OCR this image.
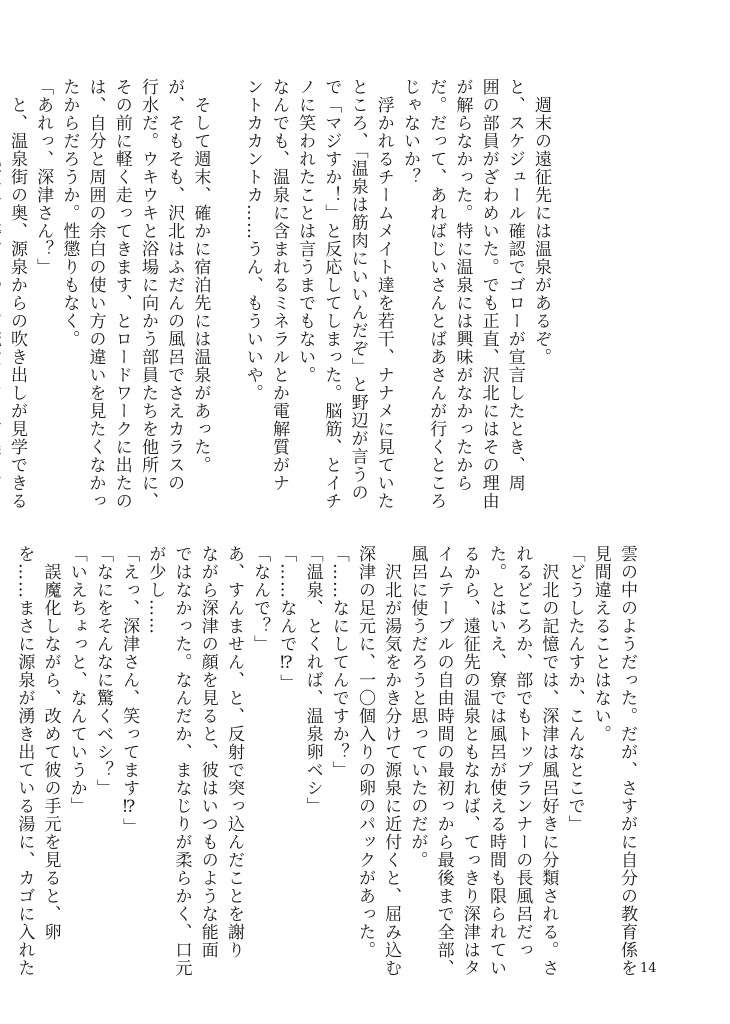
　週末の遠征先には温泉があるぞ。
と、スケジュール確認でゴローが宣言したとき、周
囲の部員がざわめいた。でも正直、沢北にはその理由
が解らなかった。特に温泉には興味がなかったから
だ。だって、あればじいさんとばあさんが行くところ
じゃないか？
　浮かれるチームメイト達を若干、ナナメに見ていた
ところ、「温泉は筋肉にいいんだぞ」と野辺が言うの
で「マジすか！」と反応してしまった。脳筋、とイチ
ノに笑われたことは言うまでもない。
なんでも、温泉に含まれるミネラルとか電解質がナ
ントカカントカ……うん、もういいや。

　そして週末、確かに宿泊先には温泉があった。
が、そもそも、沢北はふだんの風呂でさえカラスの
行水だ。ウキウキと浴場に向かう部員たちを他所に、
その前に軽く走ってきます、とロードワークに出たの
は、自分と周囲の余白の使い方の違いを見たくなかっ
たからだろうか。性懲りもなく。
「あれっ、深津さん？」
　と、温泉街の奥、源泉からの吹き出しが見学できる
雲の中のようだった。だが、さすがに自分の教育係を
見間違えることはない。
「どうしたんすか、こんなとこで」
　沢北の記憶では、深津は風呂好きに分類される。さ
れるどころか、部でもトップランナーの長風呂だっ
た。とはいえ、寮では風呂が使える時間も限られてい
るから、遠征先の温泉ともなれば、てっきり深津はタ
イムテーブルの自由時間の最初っから最後まで全部、
風呂に使うだろうと思っていたのだが。
　沢北が湯気をかき分けて源泉に近付くと、屈み込む
深津の足元に、一〇個入りの卵のパックがあった。
「……なにしてんですか？」
「温泉、とくれば、温泉卵ベシ」
「……なんで⁉」
「なんで？」
あ、すんません、と、反射で突っ込んだことを謝り
ながら深津の顔を見ると、彼はいつものような能面
ではなかった。なんだか、まなじりが柔らかく、口元
が少し……
「えっ、深津さん、笑ってます⁉」
「なにをそんなに驚くベシ？」
「いえちょっと、なんていうか」
　誤魔化しながら、改めて彼の手元を見ると、卵
を……まさに源泉が湧き出ている湯に、カゴに入れた	14
